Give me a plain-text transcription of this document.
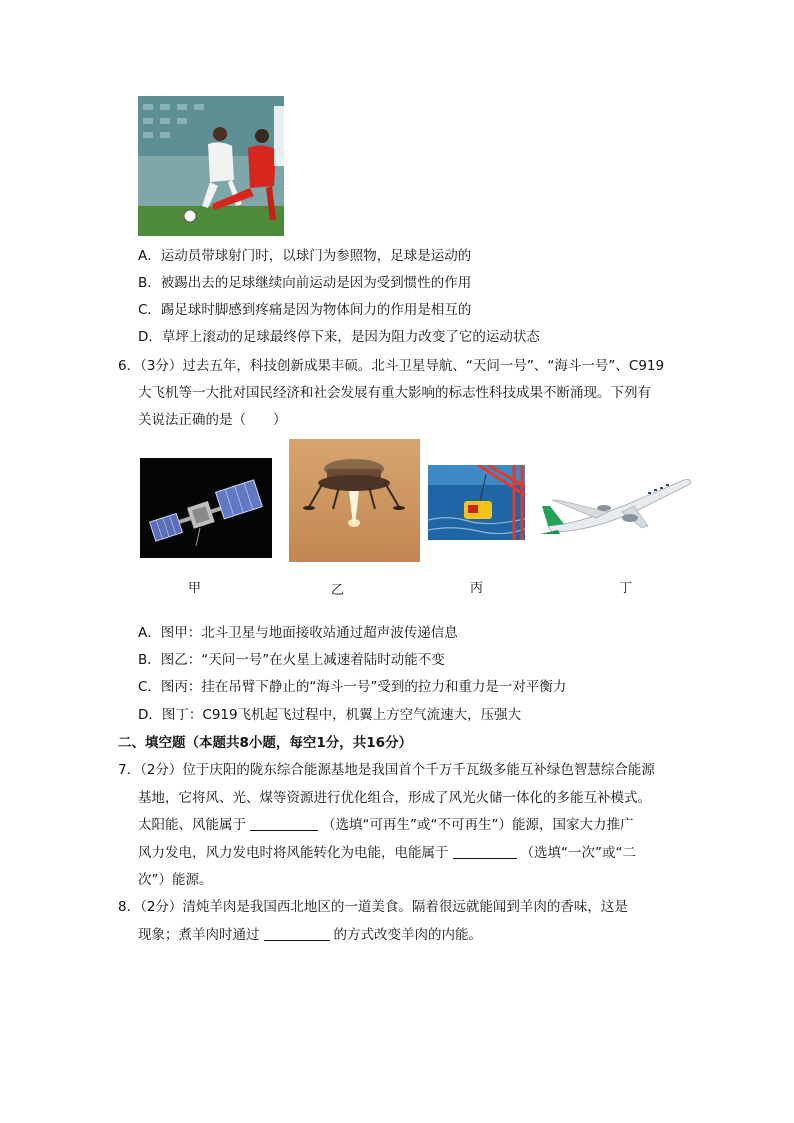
A．运动员带球射门时，以球门为参照物，足球是运动的
B．被踢出去的足球继续向前运动是因为受到惯性的作用
C．踢足球时脚感到疼痛是因为物体间力的作用是相互的
D．草坪上滚动的足球最终停下来，是因为阻力改变了它的运动状态
6．（3分）过去五年，科技创新成果丰硕。北斗卫星导航、“天问一号”、“海斗一号”、C919
大飞机等一大批对国民经济和社会发展有重大影响的标志性科技成果不断涌现。下列有
关说法正确的是（　　）
甲	乙	丙	丁
A．图甲：北斗卫星与地面接收站通过超声波传递信息
B．图乙：“天问一号”在火星上减速着陆时动能不变
C．图丙：挂在吊臂下静止的“海斗一号”受到的拉力和重力是一对平衡力
D．图丁：C919飞机起飞过程中，机翼上方空气流速大，压强大
二、填空题（本题共8小题，每空1分，共16分）
7．（2分）位于庆阳的陇东综合能源基地是我国首个千万千瓦级多能互补绿色智慧综合能源
基地，它将风、光、煤等资源进行优化组合，形成了风光火储一体化的多能互补模式。
太阳能、风能属于	（选填“可再生”或“不可再生”）能源，国家大力推广
风力发电，风力发电时将风能转化为电能，电能属于	（选填“一次”或“二
次”）能源。
8．（2分）清炖羊肉是我国西北地区的一道美食。隔着很远就能闻到羊肉的香味，这是
现象；煮羊肉时通过	的方式改变羊肉的内能。
